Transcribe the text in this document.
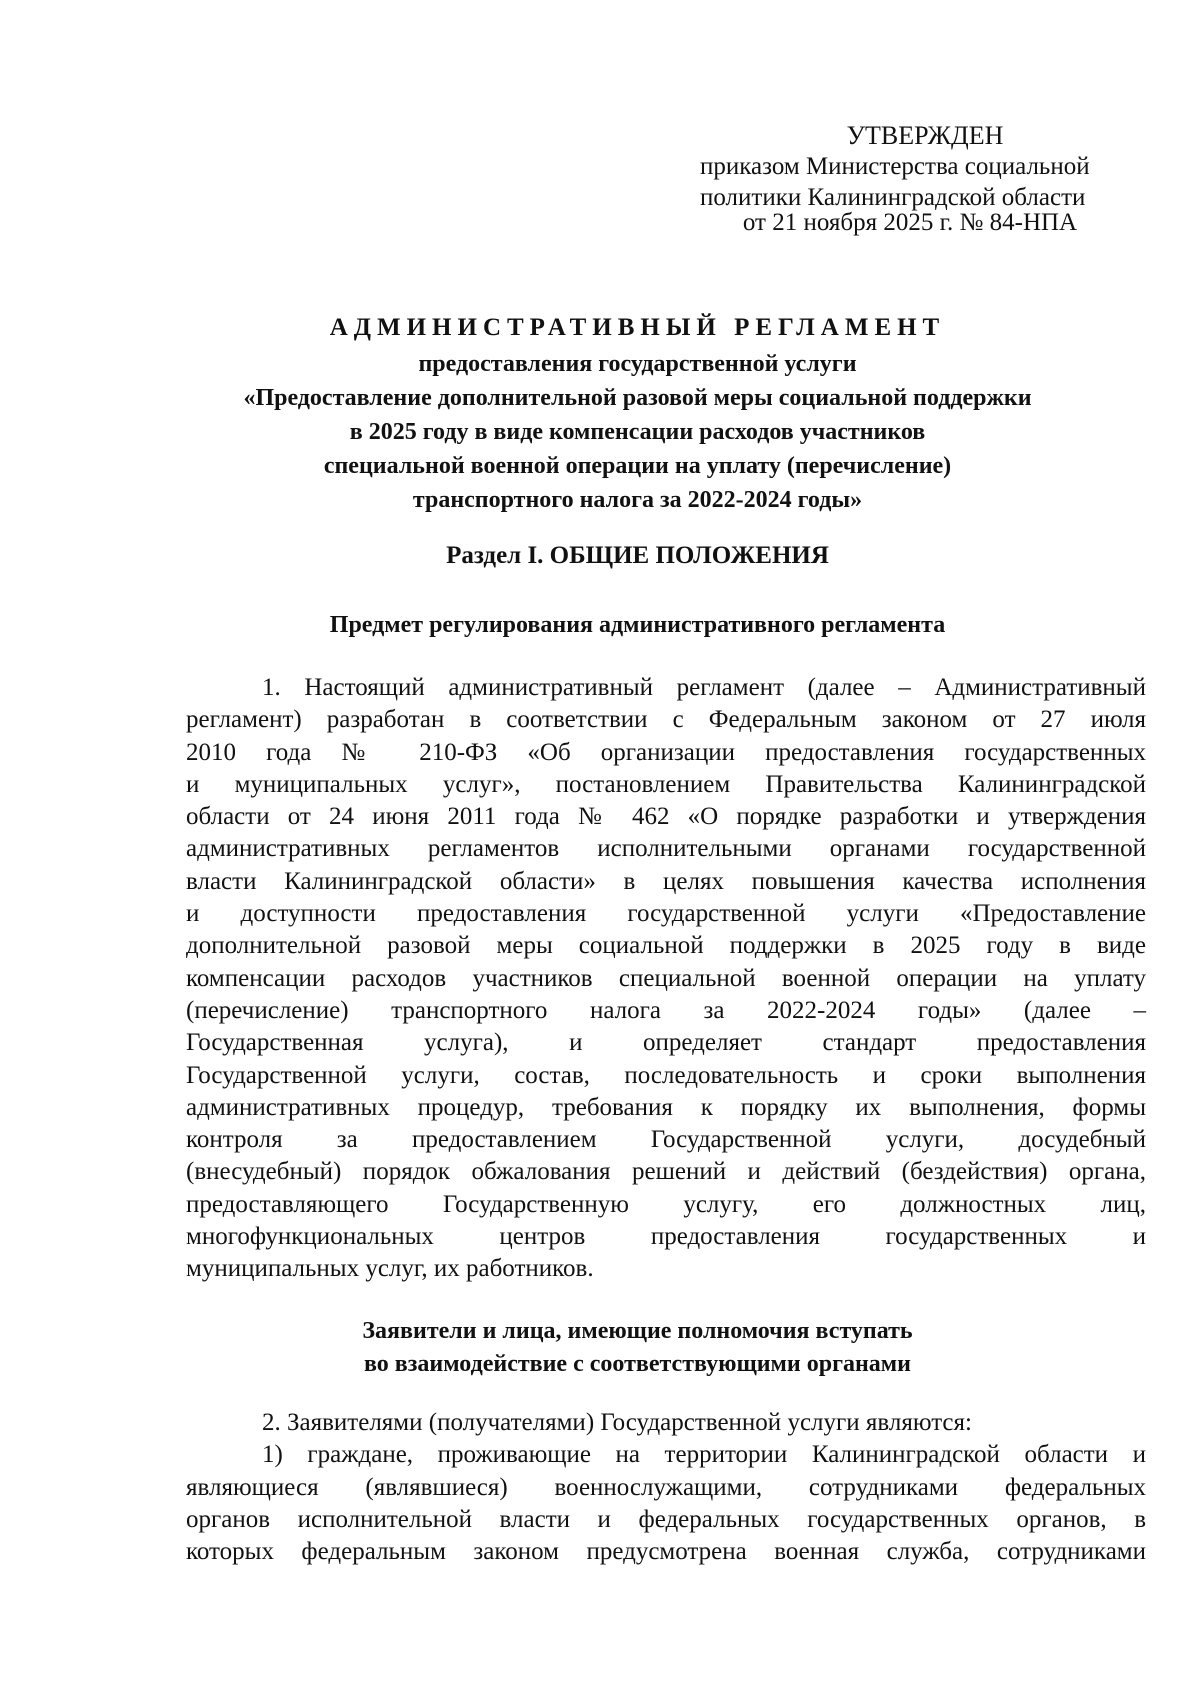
УТВЕРЖДЕН
приказом Министерства социальной
политики Калининградской области
от 21 ноября 2025 г. № 84-НПА
АДМИНИСТРАТИВНЫЙ РЕГЛАМЕНТ
предоставления государственной услуги
«Предоставление дополнительной разовой меры социальной поддержки
в 2025 году в виде компенсации расходов участников
специальной военной операции на уплату (перечисление)
транспортного налога за 2022-2024 годы»
Раздел I. ОБЩИЕ ПОЛОЖЕНИЯ
Предмет регулирования административного регламента
1. Настоящий административный регламент (далее – Административный
регламент) разработан в соответствии с Федеральным законом от 27 июля
2010 года № 210-ФЗ «Об организации предоставления государственных
и муниципальных услуг», постановлением Правительства Калининградской
области от 24 июня 2011 года № 462 «О порядке разработки и утверждения
административных регламентов исполнительными органами государственной
власти Калининградской области» в целях повышения качества исполнения
и доступности предоставления государственной услуги «Предоставление
дополнительной разовой меры социальной поддержки в 2025 году в виде
компенсации расходов участников специальной военной операции на уплату
(перечисление) транспортного налога за 2022-2024 годы» (далее –
Государственная услуга), и определяет стандарт предоставления
Государственной услуги, состав, последовательность и сроки выполнения
административных процедур, требования к порядку их выполнения, формы
контроля за предоставлением Государственной услуги, досудебный
(внесудебный) порядок обжалования решений и действий (бездействия) органа,
предоставляющего Государственную услугу, его должностных лиц,
многофункциональных центров предоставления государственных и
муниципальных услуг, их работников.
Заявители и лица, имеющие полномочия вступать
во взаимодействие с соответствующими органами
2. Заявителями (получателями) Государственной услуги являются:
1) граждане, проживающие на территории Калининградской области и
являющиеся (являвшиеся) военнослужащими, сотрудниками федеральных
органов исполнительной власти и федеральных государственных органов, в
которых федеральным законом предусмотрена военная служба, сотрудниками
